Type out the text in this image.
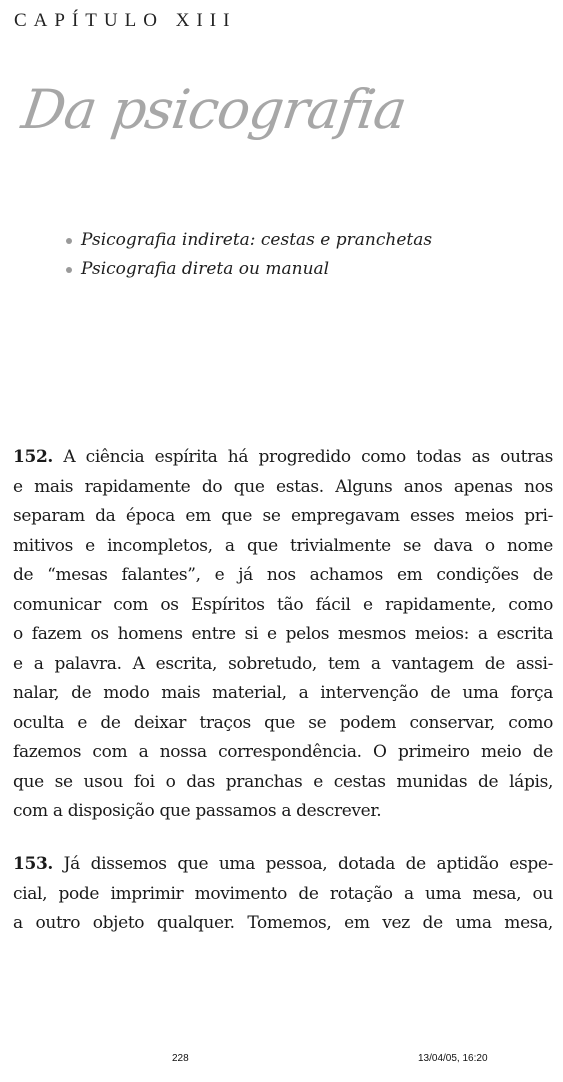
CAPÍTULO XIII
Da psicografia
Psicografia indireta: cestas e pranchetas
Psicografia direta ou manual
152. A ciência espírita há progredido como todas as outras
e mais rapidamente do que estas. Alguns anos apenas nos
separam da época em que se empregavam esses meios pri-
mitivos e incompletos, a que trivialmente se dava o nome
de “mesas falantes”, e já nos achamos em condições de
comunicar com os Espíritos tão fácil e rapidamente, como
o fazem os homens entre si e pelos mesmos meios: a escrita
e a palavra. A escrita, sobretudo, tem a vantagem de assi-
nalar, de modo mais material, a intervenção de uma força
oculta e de deixar traços que se podem conservar, como
fazemos com a nossa correspondência. O primeiro meio de
que se usou foi o das pranchas e cestas munidas de lápis,
com a disposição que passamos a descrever.
153. Já dissemos que uma pessoa, dotada de aptidão espe-
cial, pode imprimir movimento de rotação a uma mesa, ou
a outro objeto qualquer. Tomemos, em vez de uma mesa,
228	13/04/05, 16:20
